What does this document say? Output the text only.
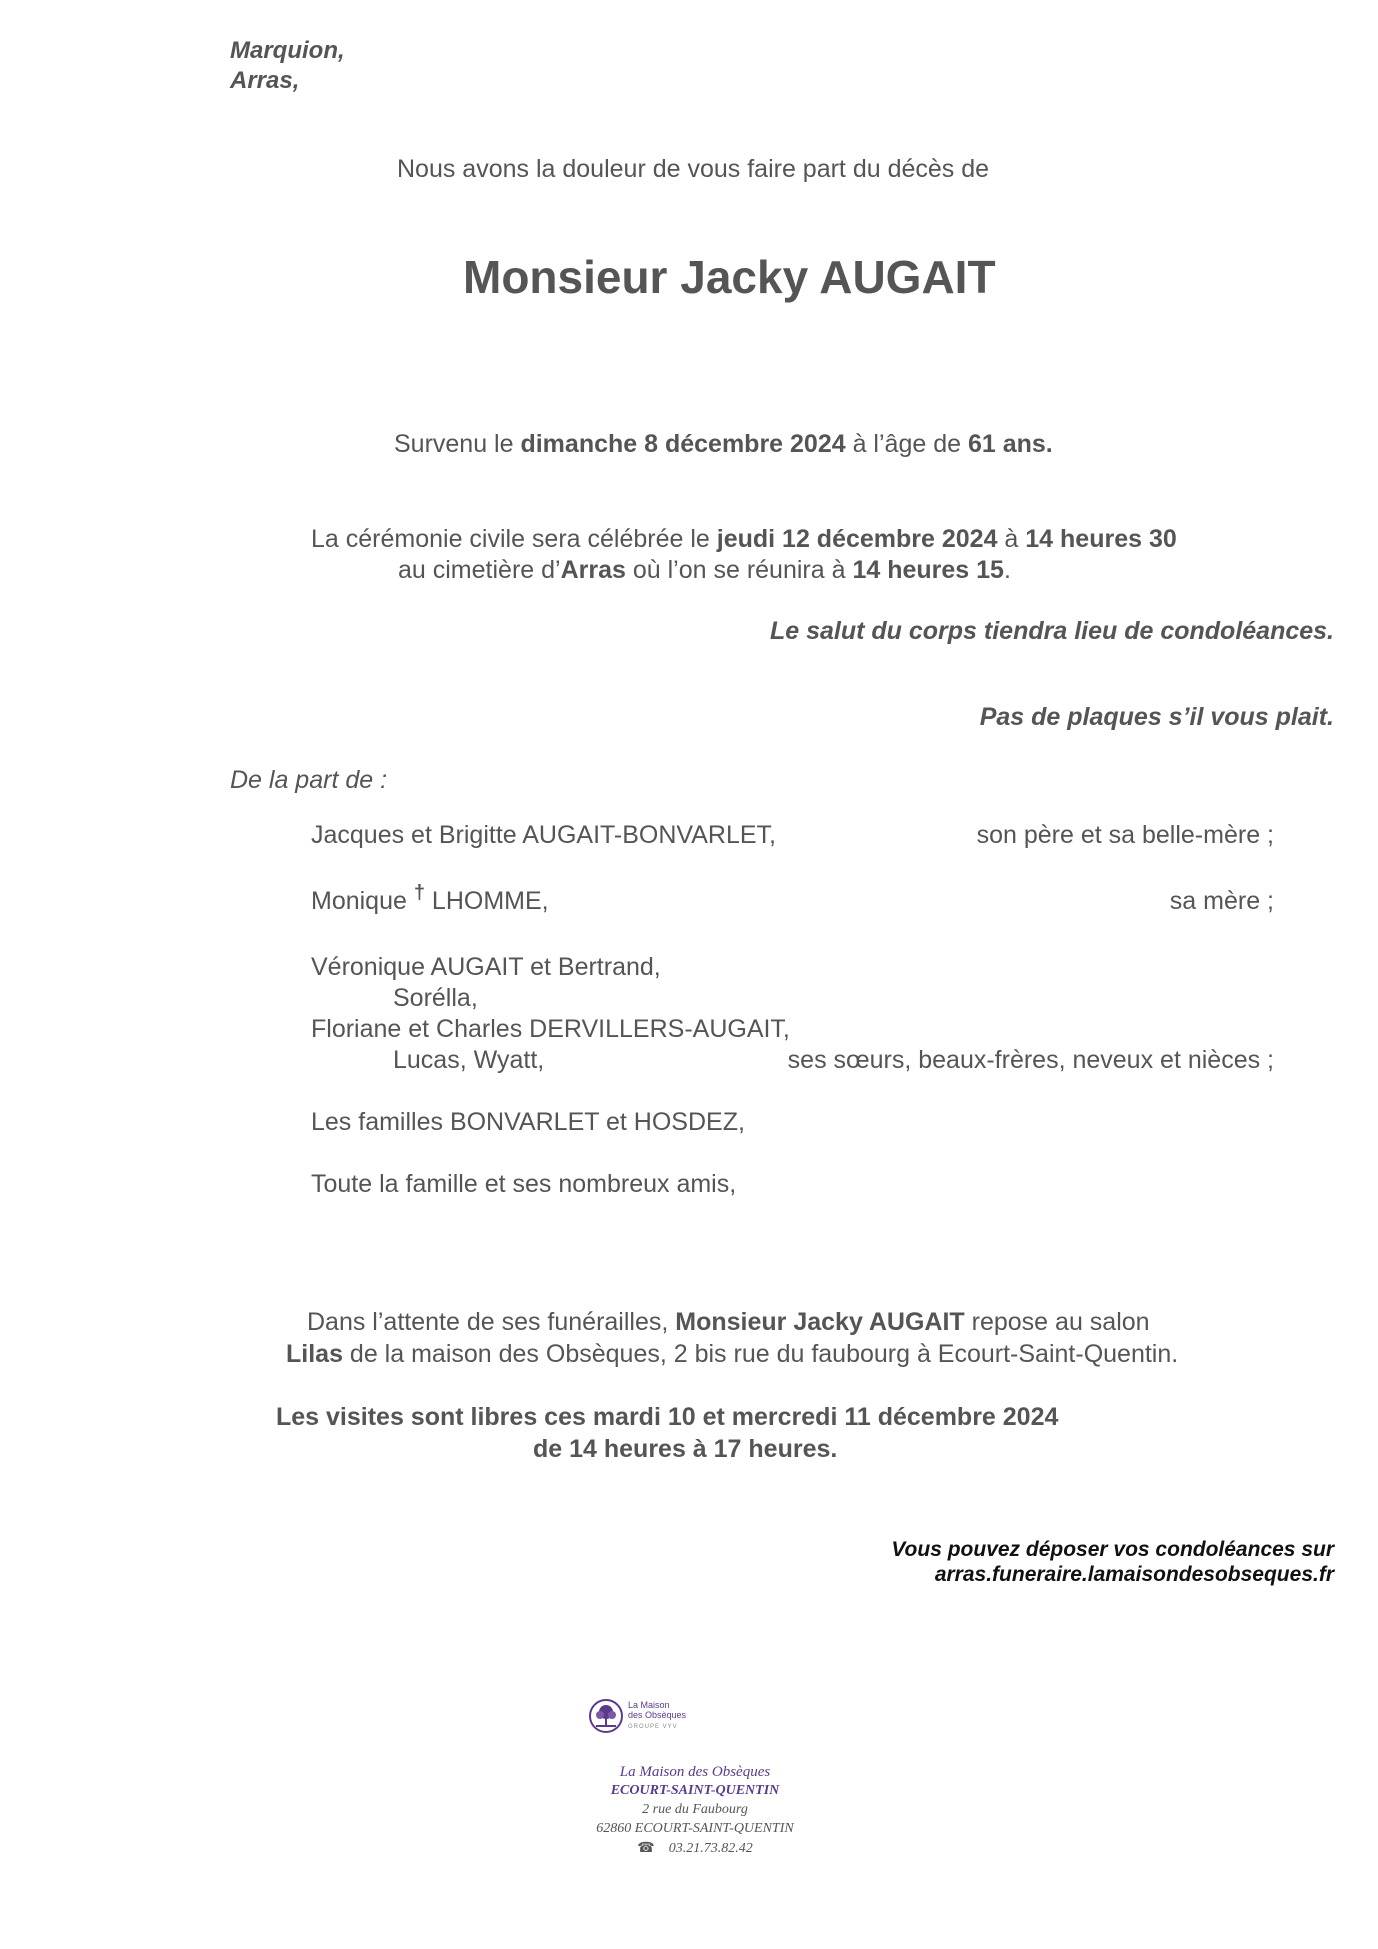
Marquion,
Arras,
Nous avons la douleur de vous faire part du décès de
Monsieur Jacky AUGAIT
Survenu le dimanche 8 décembre 2024 à l’âge de 61 ans.
La cérémonie civile sera célébrée le jeudi 12 décembre 2024 à 14 heures 30
au cimetière d’Arras où l’on se réunira à 14 heures 15.
Le salut du corps tiendra lieu de condoléances.
Pas de plaques s’il vous plait.
De la part de :
Jacques et Brigitte AUGAIT-BONVARLET,	son père et sa belle-mère ;
Monique † LHOMME,	sa mère ;
Véronique AUGAIT et Bertrand,
Sorélla,
Floriane et Charles DERVILLERS-AUGAIT,
Lucas, Wyatt,	ses sœurs, beaux-frères, neveux et nièces ;
Les familles BONVARLET et HOSDEZ,
Toute la famille et ses nombreux amis,
Dans l’attente de ses funérailles, Monsieur Jacky AUGAIT repose au salon
Lilas de la maison des Obsèques, 2 bis rue du faubourg à Ecourt-Saint-Quentin.
Les visites sont libres ces mardi 10 et mercredi 11 décembre 2024
de 14 heures à 17 heures.
Vous pouvez déposer vos condoléances sur
arras.funeraire.lamaisondesobseques.fr
La Maison
des Obsèques
GROUPE VYV
La Maison des Obsèques
ECOURT-SAINT-QUENTIN
2 rue du Faubourg
62860 ECOURT-SAINT-QUENTIN
☎ 03.21.73.82.42
